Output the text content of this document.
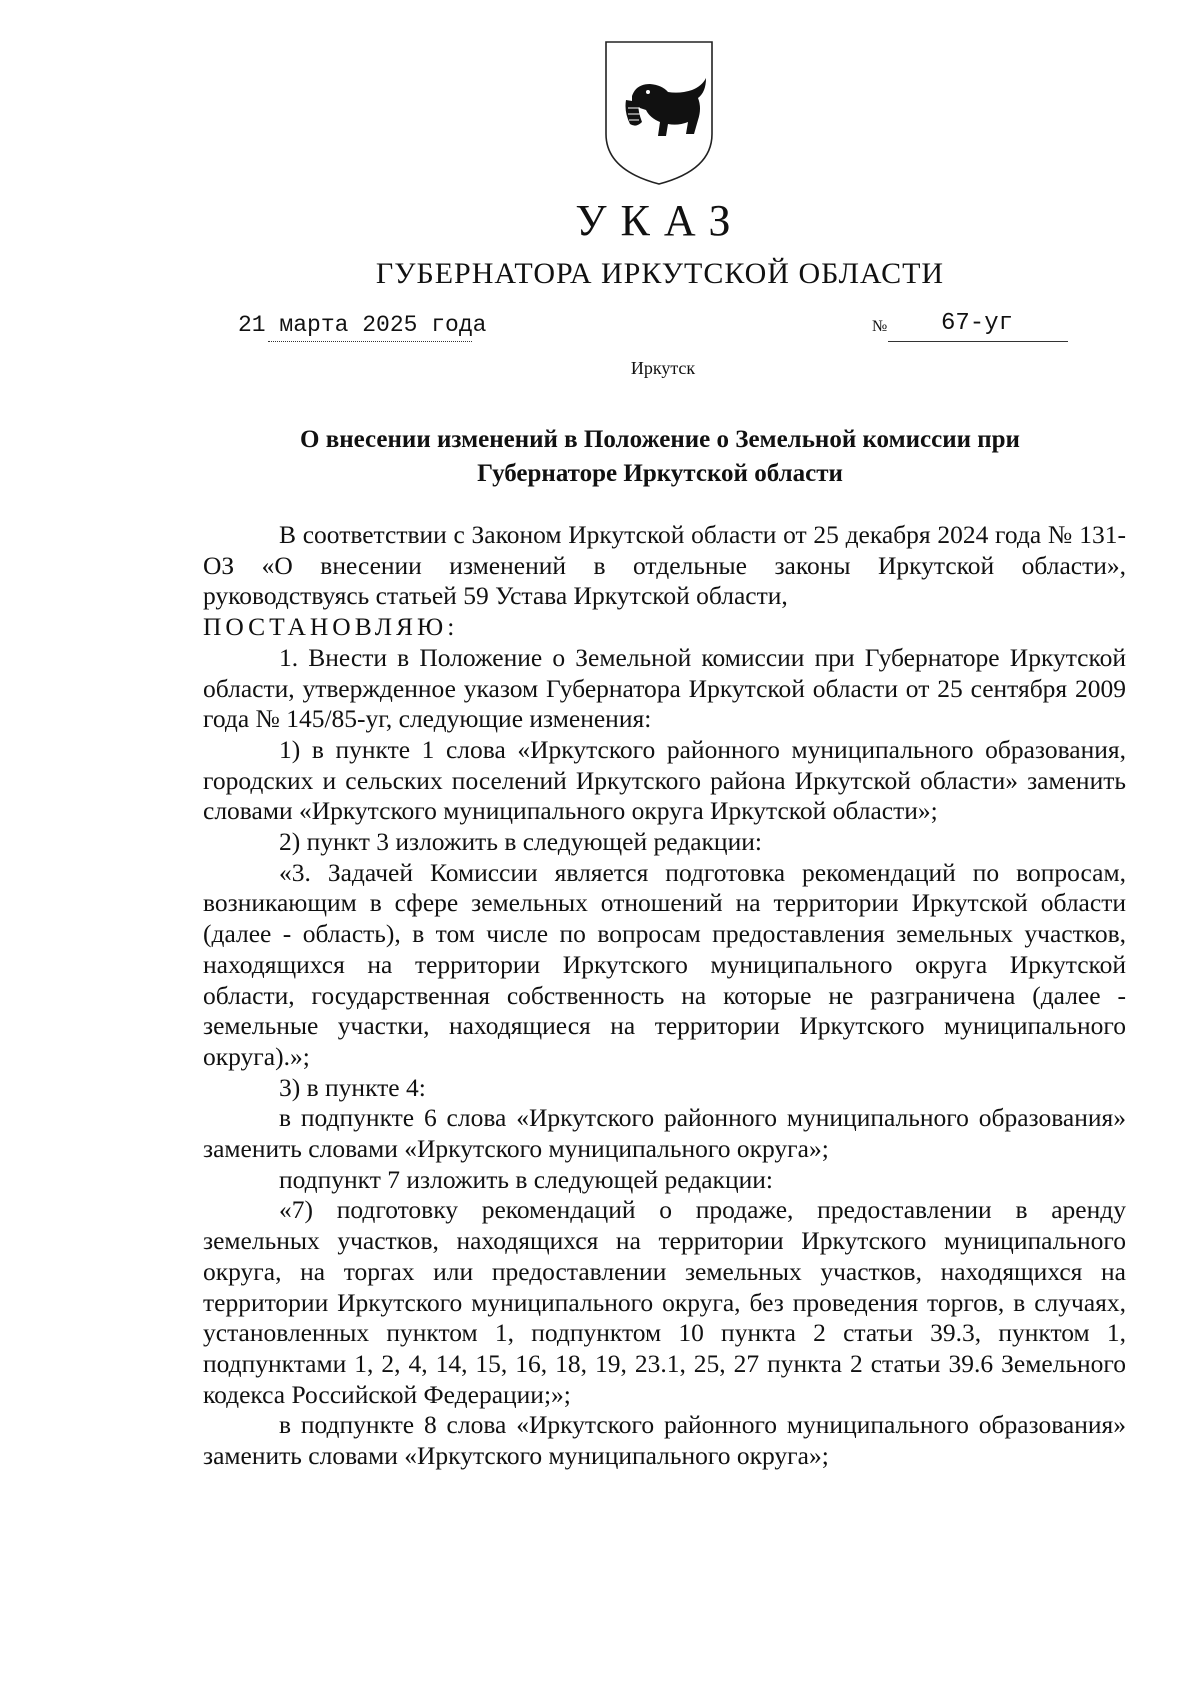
УКАЗ
ГУБЕРНАТОРА ИРКУТСКОЙ ОБЛАСТИ
21 марта 2025 года	№ 67-уг
Иркутск
О внесении изменений в Положение о Земельной комиссии при
Губернаторе Иркутской области

В соответствии с Законом Иркутской области от 25 декабря 2024 года № 131-ОЗ «О внесении изменений в отдельные законы Иркутской области», руководствуясь статьей 59 Устава Иркутской области,

ПОСТАНОВЛЯЮ:

1. Внести в Положение о Земельной комиссии при Губернаторе Иркутской области, утвержденное указом Губернатора Иркутской области от 25 сентября 2009 года № 145/85-уг, следующие изменения:

1) в пункте 1 слова «Иркутского районного муниципального образования, городских и сельских поселений Иркутского района Иркутской области» заменить словами «Иркутского муниципального округа Иркутской области»;

2) пункт 3 изложить в следующей редакции:

«3. Задачей Комиссии является подготовка рекомендаций по вопросам, возникающим в сфере земельных отношений на территории Иркутской области (далее - область), в том числе по вопросам предоставления земельных участков, находящихся на территории Иркутского муниципального округа Иркутской области, государственная собственность на которые не разграничена (далее - земельные участки, находящиеся на территории Иркутского муниципального округа).»;

3) в пункте 4:

в подпункте 6 слова «Иркутского районного муниципального образования» заменить словами «Иркутского муниципального округа»;

подпункт 7 изложить в следующей редакции:

«7) подготовку рекомендаций о продаже, предоставлении в аренду земельных участков, находящихся на территории Иркутского муниципального округа, на торгах или предоставлении земельных участков, находящихся на территории Иркутского муниципального округа, без проведения торгов, в случаях, установленных пунктом 1, подпунктом 10 пункта 2 статьи 39.3, пунктом 1, подпунктами 1, 2, 4, 14, 15, 16, 18, 19, 23.1, 25, 27 пункта 2 статьи 39.6 Земельного кодекса Российской Федерации;»;

в подпункте 8 слова «Иркутского районного муниципального образования» заменить словами «Иркутского муниципального округа»;
